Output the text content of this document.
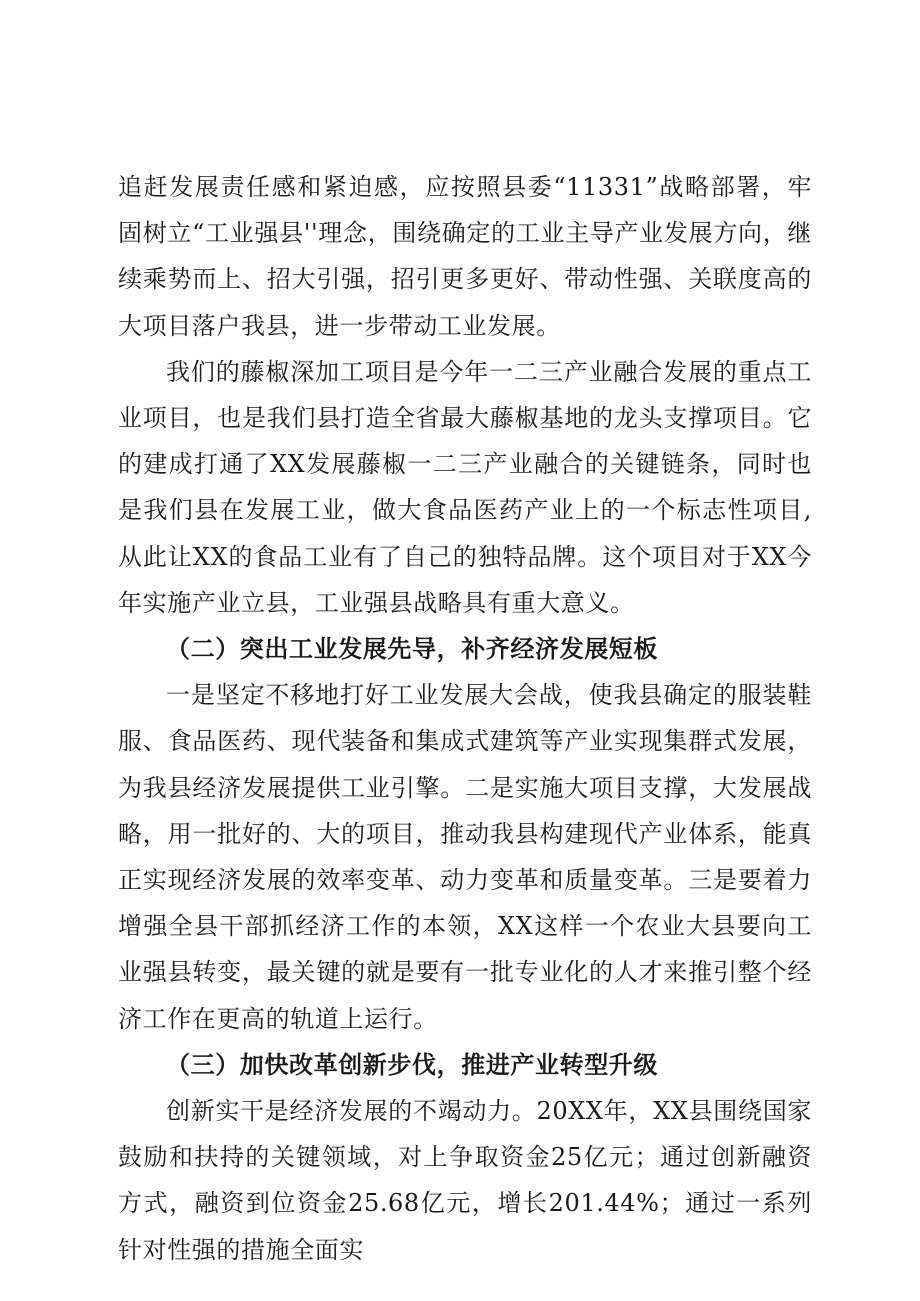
追赶发展责任感和紧迫感，应按照县委“11331”战略部署，牢固树立“工业强县''理念，围绕确定的工业主导产业发展方向，继续乘势而上、招大引强，招引更多更好、带动性强、关联度高的大项目落户我县，进一步带动工业发展。

我们的藤椒深加工项目是今年一二三产业融合发展的重点工业项目，也是我们县打造全省最大藤椒基地的龙头支撑项目。它的建成打通了XX发展藤椒一二三产业融合的关键链条，同时也是我们县在发展工业，做大食品医药产业上的一个标志性项目,从此让XX的食品工业有了自己的独特品牌。这个项目对于XX今年实施产业立县，工业强县战略具有重大意义。

（二）突出工业发展先导，补齐经济发展短板

一是坚定不移地打好工业发展大会战，使我县确定的服装鞋服、食品医药、现代装备和集成式建筑等产业实现集群式发展，为我县经济发展提供工业引擎。二是实施大项目支撑，大发展战略，用一批好的、大的项目，推动我县构建现代产业体系，能真正实现经济发展的效率变革、动力变革和质量变革。三是要着力增强全县干部抓经济工作的本领，XX这样一个农业大县要向工业强县转变，最关键的就是要有一批专业化的人才来推引整个经济工作在更高的轨道上运行。

（三）加快改革创新步伐，推进产业转型升级

创新实干是经济发展的不竭动力。20XX年，XX县围绕国家鼓励和扶持的关键领域，对上争取资金25亿元；通过创新融资方式，融资到位资金25.68亿元，增长201.44%；通过一系列针对性强的措施全面实
